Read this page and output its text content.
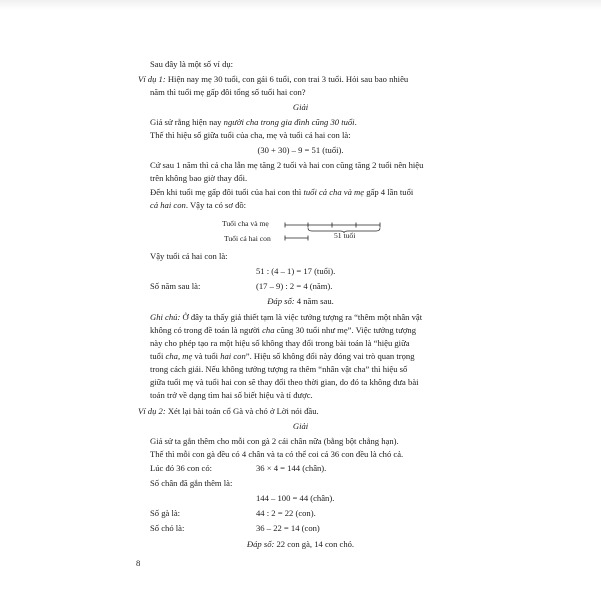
Sau đây là một số ví dụ:
Ví dụ 1: Hiện nay mẹ 30 tuổi, con gái 6 tuổi, con trai 3 tuổi. Hỏi sau bao nhiêu
năm thì tuổi mẹ gấp đôi tổng số tuổi hai con?
Giải
Giả sử rằng hiện nay người cha trong gia đình cũng 30 tuổi.
Thế thì hiệu số giữa tuổi của cha, mẹ và tuổi cả hai con là:
(30 + 30) – 9 = 51 (tuổi).
Cứ sau 1 năm thì cả cha lẫn mẹ tăng 2 tuổi và hai con cũng tăng 2 tuổi nên hiệu
trên không bao giờ thay đổi.
Đến khi tuổi mẹ gấp đôi tuổi của hai con thì tuổi cả cha và mẹ gấp 4 lần tuổi
cả hai con. Vậy ta có sơ đồ:
Tuổi cha và mẹ
Tuổi cả hai con	51 tuổi
Vậy tuổi cả hai con là:
51 : (4 – 1) = 17 (tuổi).
Số năm sau là:	(17 – 9) : 2 = 4 (năm).
Đáp số: 4 năm sau.
Ghi chú: Ở đây ta thấy giả thiết tạm là việc tưởng tượng ra “thêm một nhân vật
không có trong đề toán là người cha cũng 30 tuổi như mẹ”. Việc tưởng tượng
này cho phép tạo ra một hiệu số không thay đổi trong bài toán là “hiệu giữa
tuổi cha, mẹ và tuổi hai con”. Hiệu số không đổi này đóng vai trò quan trọng
trong cách giải. Nếu không tưởng tượng ra thêm “nhân vật cha” thì hiệu số
giữa tuổi mẹ và tuổi hai con sẽ thay đổi theo thời gian, do đó ta không đưa bài
toán trở về dạng tìm hai số biết hiệu và tỉ được.
Ví dụ 2: Xét lại bài toán cổ Gà và chó ở Lời nói đầu.
Giải
Giả sử ta gắn thêm cho mỗi con gà 2 cái chân nữa (bằng bột chẳng hạn).
Thế thì mỗi con gà đều có 4 chân và ta có thể coi cả 36 con đều là chó cả.
Lúc đó 36 con có:	36 × 4 = 144 (chân).
Số chân đã gắn thêm là:
144 – 100 = 44 (chân).
Số gà là:	44 : 2 = 22 (con).
Số chó là:	36 – 22 = 14 (con)
Đáp số: 22 con gà, 14 con chó.
8
